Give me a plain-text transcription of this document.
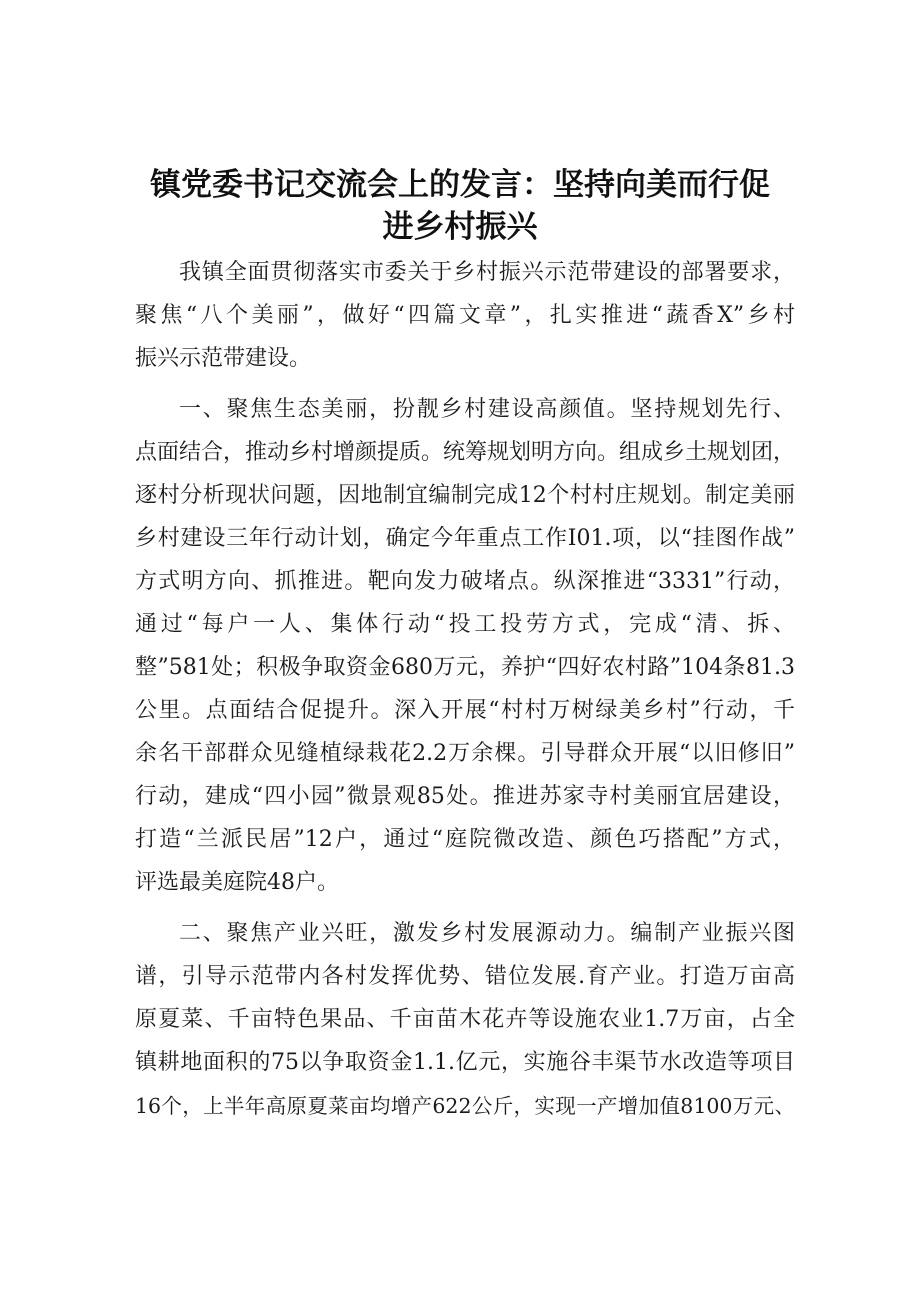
镇党委书记交流会上的发言：坚持向美而行促
进乡村振兴
我镇全面贯彻落实市委关于乡村振兴示范带建设的部署要求，
聚焦“八个美丽”，做好“四篇文章”，扎实推进“蔬香X”乡村
振兴示范带建设。
一、聚焦生态美丽，扮靓乡村建设高颜值。坚持规划先行、
点面结合，推动乡村增颜提质。统筹规划明方向。组成乡土规划团，
逐村分析现状问题，因地制宜编制完成12个村村庄规划。制定美丽
乡村建设三年行动计划，确定今年重点工作I01.项，以“挂图作战”
方式明方向、抓推进。靶向发力破堵点。纵深推进“3331”行动，
通过“每户一人、集体行动“投工投劳方式，完成“清、拆、
整”581处；积极争取资金680万元，养护“四好农村路”104条81.3
公里。点面结合促提升。深入开展“村村万树绿美乡村”行动，千
余名干部群众见缝植绿栽花2.2万余棵。引导群众开展“以旧修旧”
行动，建成“四小园”微景观85处。推进苏家寺村美丽宜居建设，
打造“兰派民居”12户，通过“庭院微改造、颜色巧搭配”方式，
评选最美庭院48户。
二、聚焦产业兴旺，激发乡村发展源动力。编制产业振兴图
谱，引导示范带内各村发挥优势、错位发展.育产业。打造万亩高
原夏菜、千亩特色果品、千亩苗木花卉等设施农业1.7万亩，占全
镇耕地面积的75以争取资金1.1.亿元，实施谷丰渠节水改造等项目
16个，上半年高原夏菜亩均增产622公斤，实现一产增加值8100万元、
